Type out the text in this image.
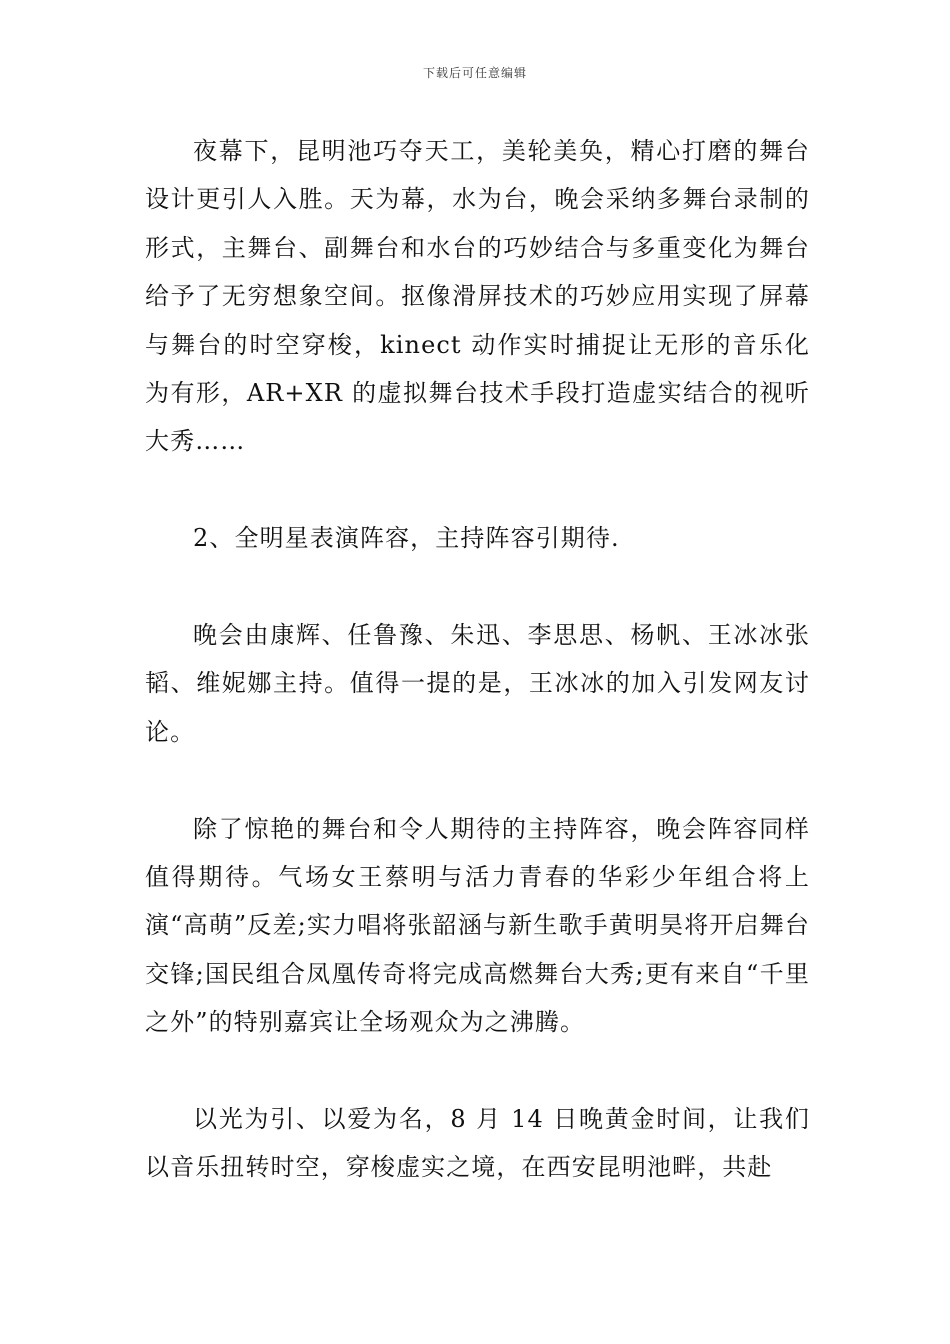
下载后可任意编辑

夜幕下，昆明池巧夺天工，美轮美奂，精心打磨的舞台设计更引人入胜。天为幕，水为台，晚会采纳多舞台录制的形式，主舞台、副舞台和水台的巧妙结合与多重变化为舞台给予了无穷想象空间。抠像滑屏技术的巧妙应用实现了屏幕与舞台的时空穿梭，kinect 动作实时捕捉让无形的音乐化为有形，AR+XR 的虚拟舞台技术手段打造虚实结合的视听大秀……

2、全明星表演阵容，主持阵容引期待.

晚会由康辉、任鲁豫、朱迅、李思思、杨帆、王冰冰张韬、维妮娜主持。值得一提的是，王冰冰的加入引发网友讨论。

除了惊艳的舞台和令人期待的主持阵容，晚会阵容同样值得期待。气场女王蔡明与活力青春的华彩少年组合将上演“高萌”反差;实力唱将张韶涵与新生歌手黄明昊将开启舞台交锋;国民组合凤凰传奇将完成高燃舞台大秀;更有来自“千里之外”的特别嘉宾让全场观众为之沸腾。

以光为引、以爱为名，8 月 14 日晚黄金时间，让我们以音乐扭转时空，穿梭虚实之境，在西安昆明池畔，共赴
